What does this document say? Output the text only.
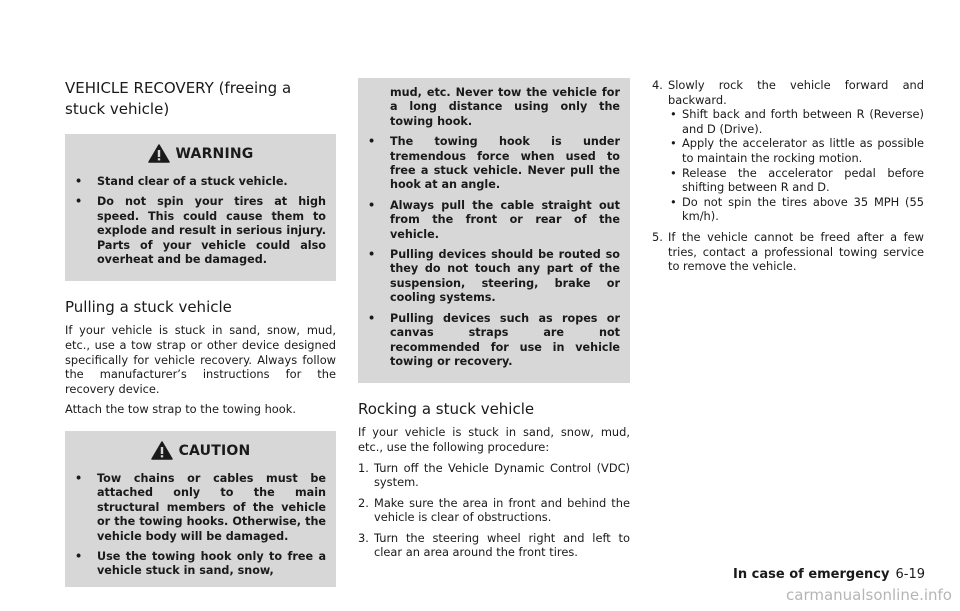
VEHICLE RECOVERY (freeing a stuck vehicle)
WARNING
• Stand clear of a stuck vehicle.
• Do not spin your tires at high speed. This could cause them to explode and result in serious injury. Parts of your vehicle could also overheat and be damaged.
Pulling a stuck vehicle

If your vehicle is stuck in sand, snow, mud, etc., use a tow strap or other device designed specifically for vehicle recovery. Always follow the manufacturer’s instructions for the recovery device.

Attach the tow strap to the towing hook.

CAUTION
• Tow chains or cables must be attached only to the main structural members of the vehicle or the towing hooks. Otherwise, the vehicle body will be damaged.
• Use the towing hook only to free a vehicle stuck in sand, snow,
mud, etc. Never tow the vehicle for a long distance using only the towing hook.
• The towing hook is under tremendous force when used to free a stuck vehicle. Never pull the hook at an angle.
• Always pull the cable straight out from the front or rear of the vehicle.
• Pulling devices should be routed so they do not touch any part of the suspension, steering, brake or cooling systems.
• Pulling devices such as ropes or canvas straps are not recommended for use in vehicle towing or recovery.
Rocking a stuck vehicle

If your vehicle is stuck in sand, snow, mud, etc., use the following procedure:

1. Turn off the Vehicle Dynamic Control (VDC) system.
2. Make sure the area in front and behind the vehicle is clear of obstructions.
3. Turn the steering wheel right and left to clear an area around the front tires.
4. Slowly rock the vehicle forward and backward.
• Shift back and forth between R (Reverse) and D (Drive).
• Apply the accelerator as little as possible to maintain the rocking motion.
• Release the accelerator pedal before shifting between R and D.
• Do not spin the tires above 35 MPH (55 km/h).
5. If the vehicle cannot be freed after a few tries, contact a professional towing service to remove the vehicle.
In case of emergency 6-19
carmanualsonline.info
